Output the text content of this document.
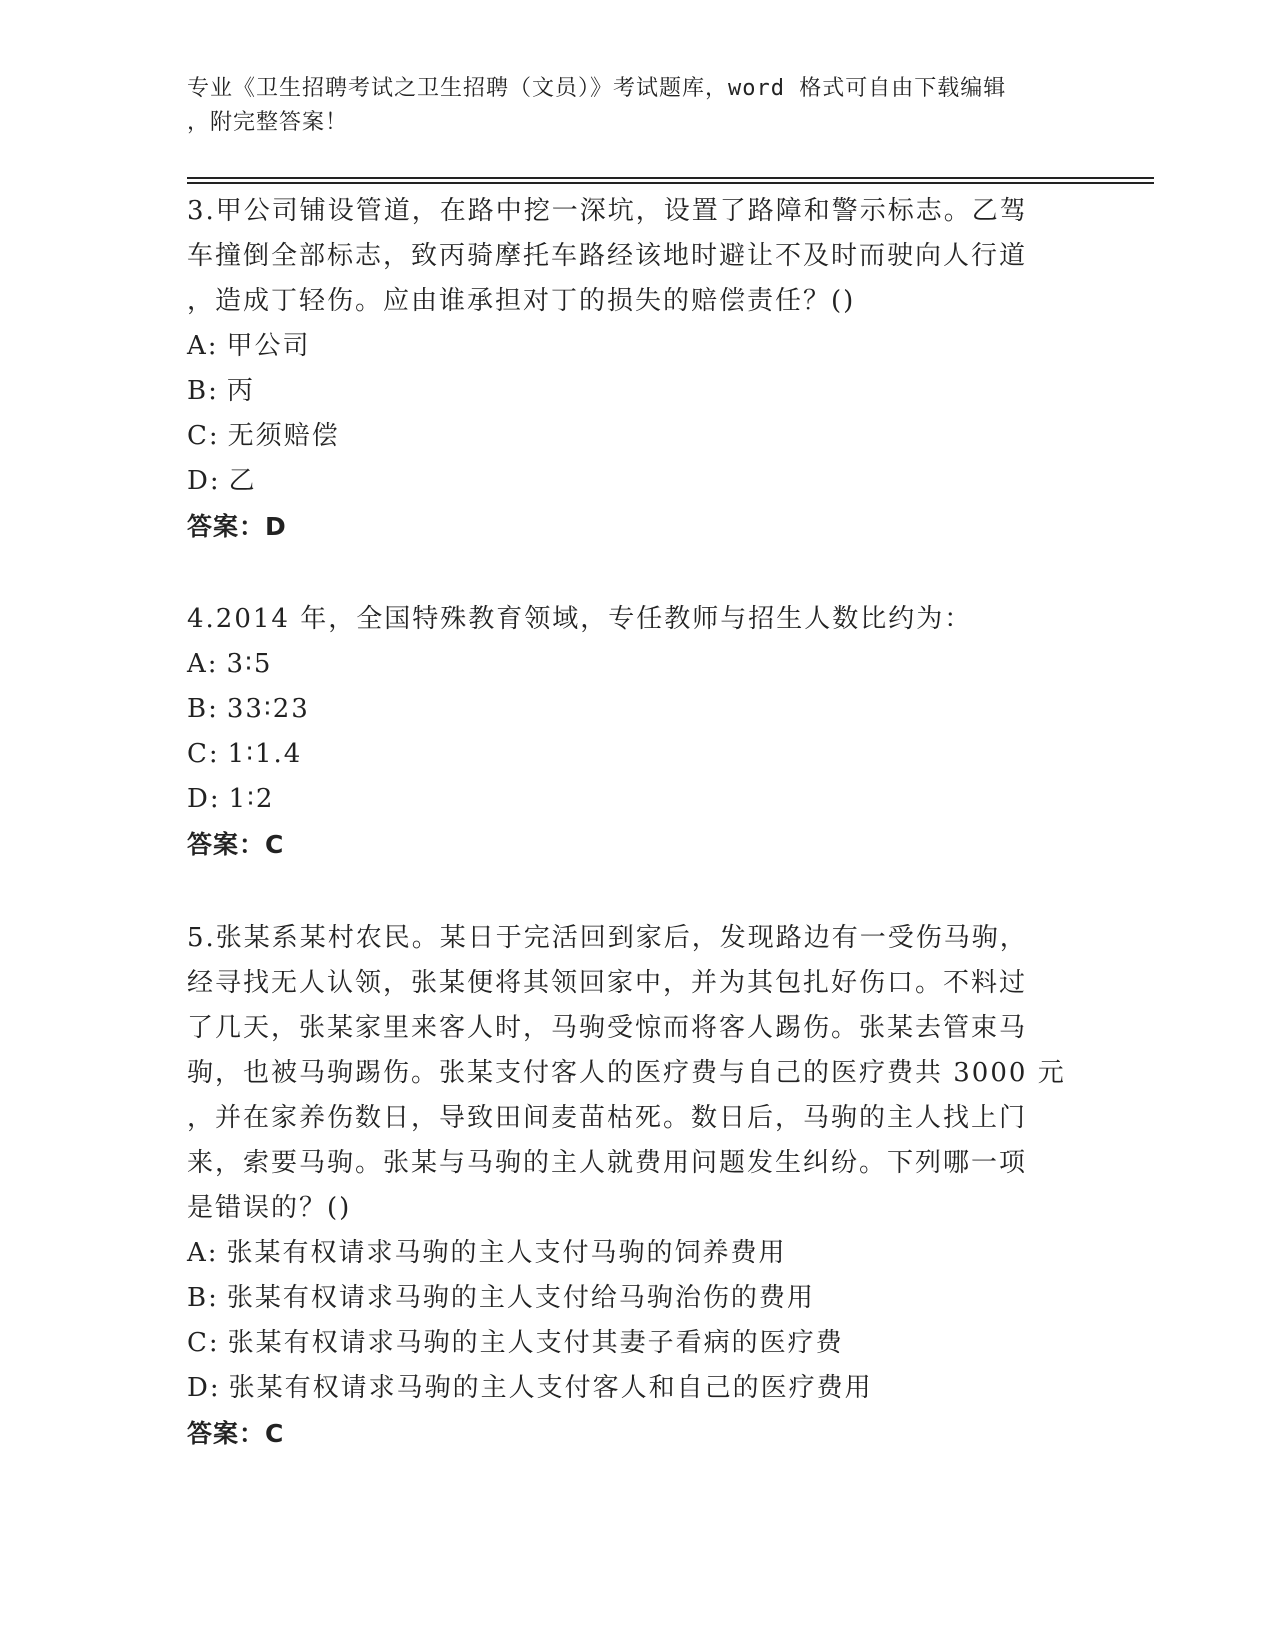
专业《卫生招聘考试之卫生招聘（文员）》考试题库，word 格式可自由下载编辑
，附完整答案！

3.甲公司铺设管道，在路中挖一深坑，设置了路障和警示标志。乙驾
车撞倒全部标志，致丙骑摩托车路经该地时避让不及时而驶向人行道
，造成丁轻伤。应由谁承担对丁的损失的赔偿责任？()

A: 甲公司

B: 丙

C: 无须赔偿

D: 乙

答案：D

4.2014 年，全国特殊教育领域，专任教师与招生人数比约为：

A: 3∶5

B: 33∶23

C: 1∶1.4

D: 1∶2

答案：C

5.张某系某村农民。某日于完活回到家后，发现路边有一受伤马驹，
经寻找无人认领，张某便将其领回家中，并为其包扎好伤口。不料过
了几天，张某家里来客人时，马驹受惊而将客人踢伤。张某去管束马
驹，也被马驹踢伤。张某支付客人的医疗费与自己的医疗费共 3000 元
，并在家养伤数日，导致田间麦苗枯死。数日后，马驹的主人找上门
来，索要马驹。张某与马驹的主人就费用问题发生纠纷。下列哪一项
是错误的？()

A: 张某有权请求马驹的主人支付马驹的饲养费用

B: 张某有权请求马驹的主人支付给马驹治伤的费用

C: 张某有权请求马驹的主人支付其妻子看病的医疗费

D: 张某有权请求马驹的主人支付客人和自己的医疗费用

答案：C
